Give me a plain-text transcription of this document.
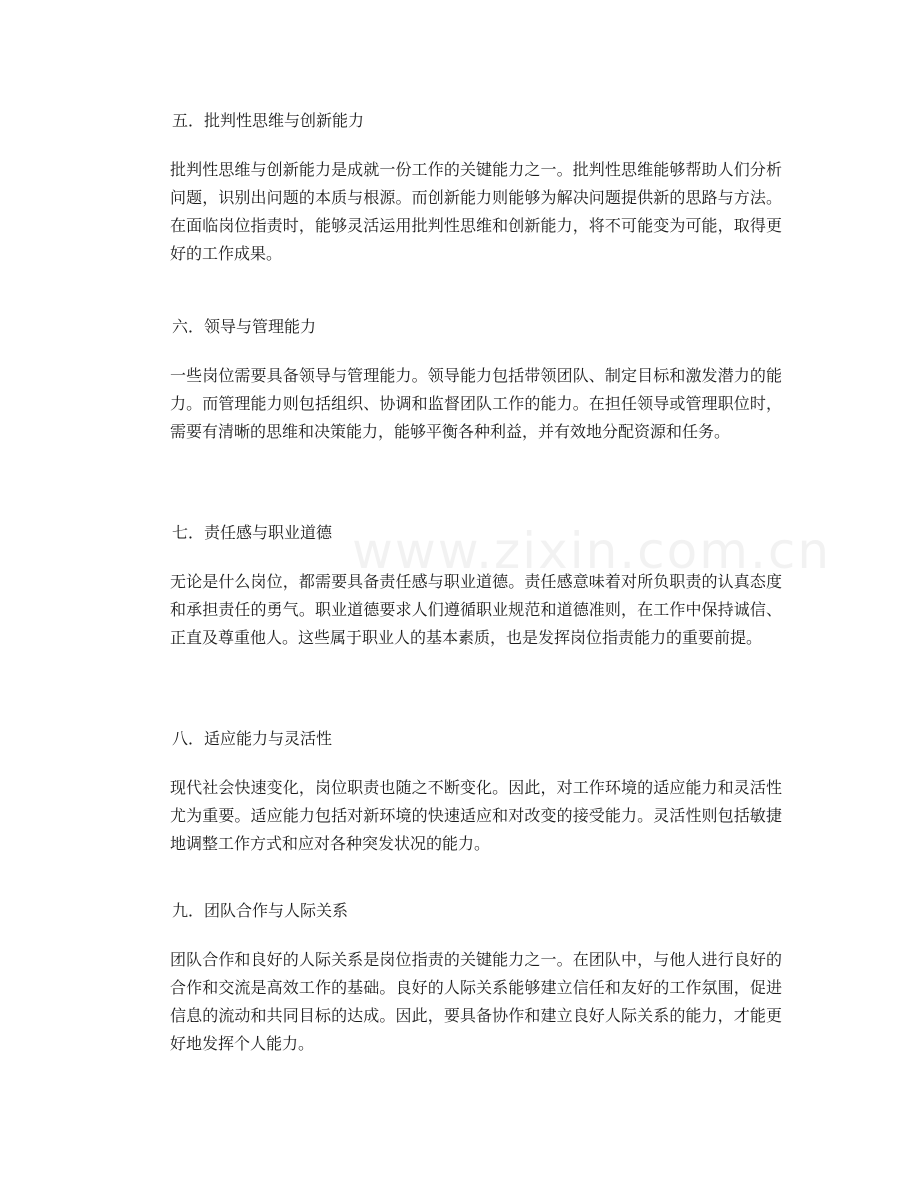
www.zixin.com.cn
五．批判性思维与创新能力

批判性思维与创新能力是成就一份工作的关键能力之一。批判性思维能够帮助人们分析问题，识别出问题的本质与根源。而创新能力则能够为解决问题提供新的思路与方法。在面临岗位指责时，能够灵活运用批判性思维和创新能力，将不可能变为可能，取得更好的工作成果。

六．领导与管理能力

一些岗位需要具备领导与管理能力。领导能力包括带领团队、制定目标和激发潜力的能力。而管理能力则包括组织、协调和监督团队工作的能力。在担任领导或管理职位时，需要有清晰的思维和决策能力，能够平衡各种利益，并有效地分配资源和任务。

七．责任感与职业道德

无论是什么岗位，都需要具备责任感与职业道德。责任感意味着对所负职责的认真态度和承担责任的勇气。职业道德要求人们遵循职业规范和道德准则，在工作中保持诚信、正直及尊重他人。这些属于职业人的基本素质，也是发挥岗位指责能力的重要前提。

八．适应能力与灵活性

现代社会快速变化，岗位职责也随之不断变化。因此，对工作环境的适应能力和灵活性尤为重要。适应能力包括对新环境的快速适应和对改变的接受能力。灵活性则包括敏捷地调整工作方式和应对各种突发状况的能力。

九．团队合作与人际关系

团队合作和良好的人际关系是岗位指责的关键能力之一。在团队中，与他人进行良好的合作和交流是高效工作的基础。良好的人际关系能够建立信任和友好的工作氛围，促进信息的流动和共同目标的达成。因此，要具备协作和建立良好人际关系的能力，才能更好地发挥个人能力。
